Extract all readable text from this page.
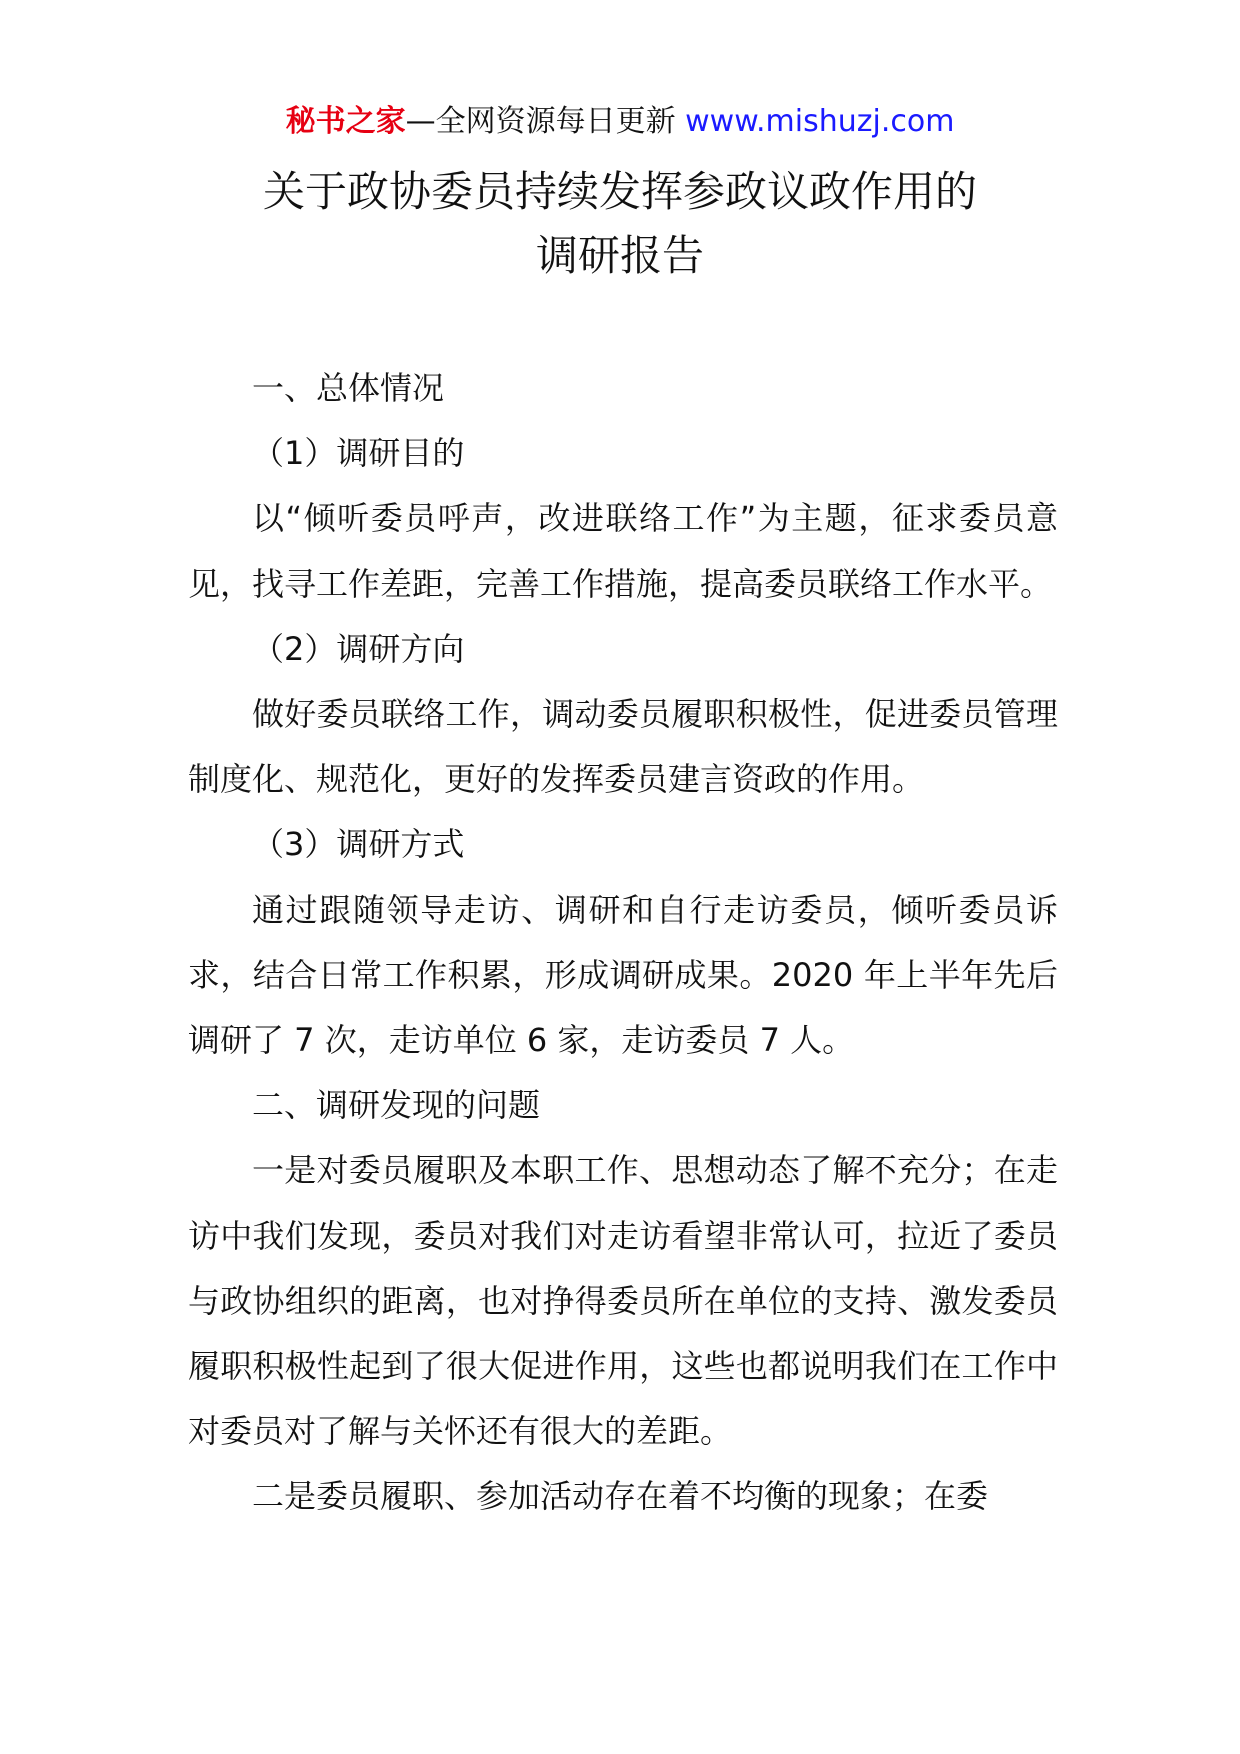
秘书之家—全网资源每日更新 www.mishuzj.com
关于政协委员持续发挥参政议政作用的
调研报告

一、总体情况

（1）调研目的

以“倾听委员呼声，改进联络工作”为主题，征求委员意见，找寻工作差距，完善工作措施，提高委员联络工作水平。

（2）调研方向

做好委员联络工作，调动委员履职积极性，促进委员管理制度化、规范化，更好的发挥委员建言资政的作用。

（3）调研方式

通过跟随领导走访、调研和自行走访委员，倾听委员诉求，结合日常工作积累，形成调研成果。2020 年上半年先后调研了 7 次，走访单位 6 家，走访委员 7 人。

二、调研发现的问题

一是对委员履职及本职工作、思想动态了解不充分；在走访中我们发现，委员对我们对走访看望非常认可，拉近了委员与政协组织的距离，也对挣得委员所在单位的支持、激发委员履职积极性起到了很大促进作用，这些也都说明我们在工作中对委员对了解与关怀还有很大的差距。

二是委员履职、参加活动存在着不均衡的现象；在委
